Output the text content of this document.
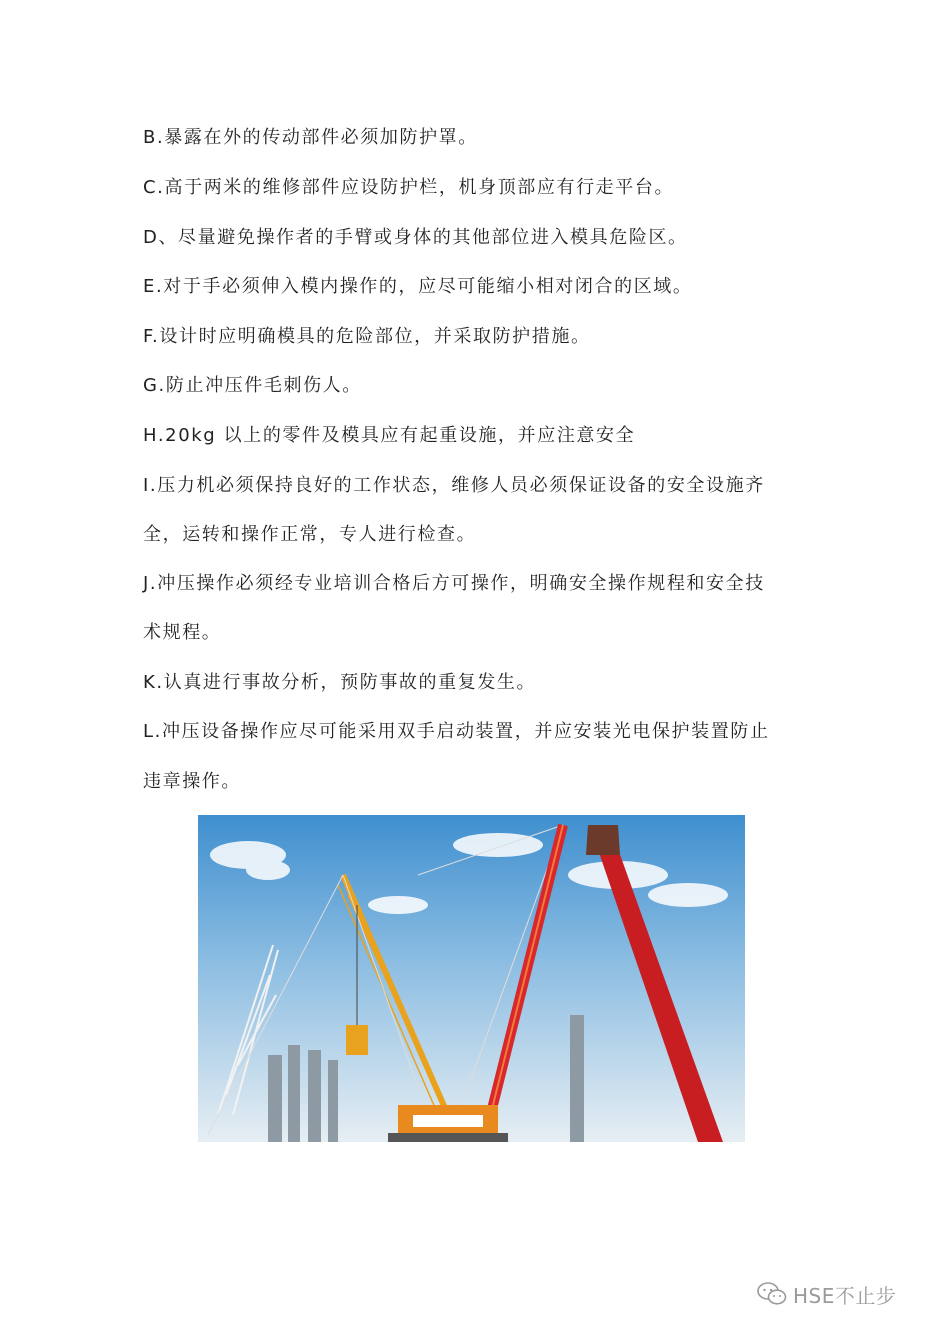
B.暴露在外的传动部件必须加防护罩。
C.高于两米的维修部件应设防护栏，机身顶部应有行走平台。
D、尽量避免操作者的手臂或身体的其他部位进入模具危险区。
E.对于手必须伸入模内操作的，应尽可能缩小相对闭合的区域。
F.设计时应明确模具的危险部位，并采取防护措施。
G.防止冲压件毛刺伤人。
H.20kg 以上的零件及模具应有起重设施，并应注意安全
I.压力机必须保持良好的工作状态，维修人员必须保证设备的安全设施齐
全，运转和操作正常，专人进行检查。
J.冲压操作必须经专业培训合格后方可操作，明确安全操作规程和安全技
术规程。
K.认真进行事故分析，预防事故的重复发生。
L.冲压设备操作应尽可能采用双手启动装置，并应安装光电保护装置防止
违章操作。
HSE不止步
